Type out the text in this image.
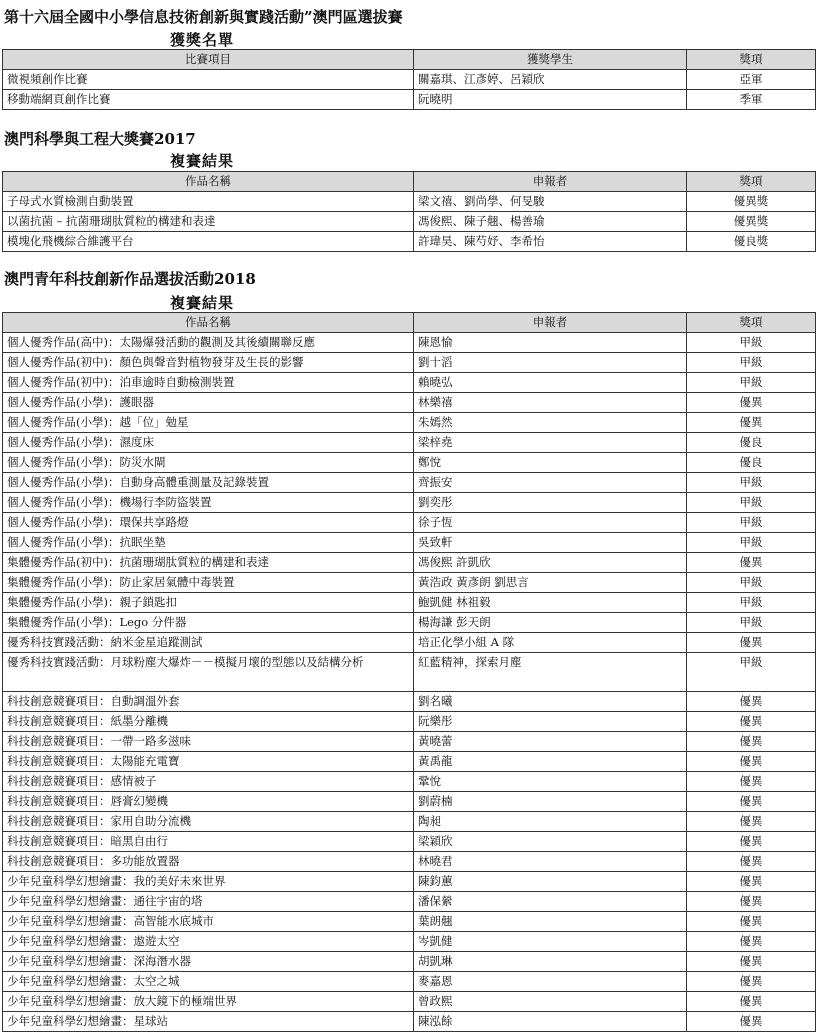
第十六屆全國中小學信息技術創新與實踐活動”澳門區選拔賽
獲獎名單
比賽項目	獲獎學生	獎項
微視頻創作比賽	關嘉琪、江彥婷、呂穎欣	亞軍
移動端網頁創作比賽	阮曉明	季軍
澳門科學與工程大獎賽2017
複賽結果
作品名稱	申報者	獎項
子母式水質檢測自動裝置	梁文禧、劉尚學、何旻駿	優異獎
以菌抗菌 – 抗菌珊瑚肽質粒的構建和表達	馮俊熙、陳子翹、楊善瑜	優異獎
模塊化飛機綜合維護平台	許瑋昊、陳芍妤、李希怡	優良獎
澳門青年科技創新作品選拔活動2018
複賽結果
作品名稱	申報者	獎項
個人優秀作品(高中)：太陽爆發活動的觀測及其後續關聯反應	陳恩愉	甲級
個人優秀作品(初中)：顏色與聲音對植物發芽及生長的影響	劉十滔	甲級
個人優秀作品(初中)：泊車逾時自動檢測裝置	賴曉弘	甲級
個人優秀作品(小學)：護眼器	林樂禧	優異
個人優秀作品(小學)：越「位」勉星	朱嫣然	優異
個人優秀作品(小學)：濕度床	梁梓堯	優良
個人優秀作品(小學)：防災水閘	鄭悅	優良
個人優秀作品(小學)：自動身高體重測量及記錄裝置	齊振安	甲級
個人優秀作品(小學)：機場行李防盜裝置	劉奕彤	甲級
個人優秀作品(小學)：環保共享路燈	徐子恆	甲級
個人優秀作品(小學)：抗眠坐墊	吳致軒	甲級
集體優秀作品(初中)：抗菌珊瑚肽質粒的構建和表達	馮俊熙 許凱欣	優異
集體優秀作品(小學)：防止家居氣體中毒裝置	黃浩政 黃彥朗 劉思言	甲級
集體優秀作品(小學)：親子鎖匙扣	鮑凱健 林祖毅	甲級
集體優秀作品(小學)：Lego 分件器	楊海謙 彭天朗	甲級
優秀科技實踐活動：納米金星追蹤測試	培正化學小組 A 隊	優異
優秀科技實踐活動：月球粉塵大爆炸－－模擬月壞的型態以及結構分析	紅藍精神，探索月塵	甲級
科技創意競賽項目：自動調溫外套	劉名曦	優異
科技創意競賽項目：紙墨分離機	阮樂彤	優異
科技創意競賽項目：一帶一路多滋味	黃曉蕾	優異
科技創意競賽項目：太陽能充電寶	黃禹龍	優異
科技創意競賽項目：感情被子	鞏悅	優異
科技創意競賽項目：唇膏幻變機	劉蔚楠	優異
科技創意競賽項目：家用自助分流機	陶昶	優異
科技創意競賽項目：暗黑自由行	梁穎欣	優異
科技創意競賽項目：多功能放置器	林曉君	優異
少年兒童科學幻想繪畫：我的美好未來世界	陳鈞蕙	優異
少年兒童科學幻想繪畫：通往宇宙的塔	潘保縈	優異
少年兒童科學幻想繪畫：高智能水底城市	葉朗翹	優異
少年兒童科學幻想繪畫：遨遊太空	岑凱健	優異
少年兒童科學幻想繪畫：深海潛水器	胡凱琳	優異
少年兒童科學幻想繪畫：太空之城	麥嘉恩	優異
少年兒童科學幻想繪畫：放大鏡下的極端世界	曾政熙	優異
少年兒童科學幻想繪畫：星球站	陳泓餘	優異
